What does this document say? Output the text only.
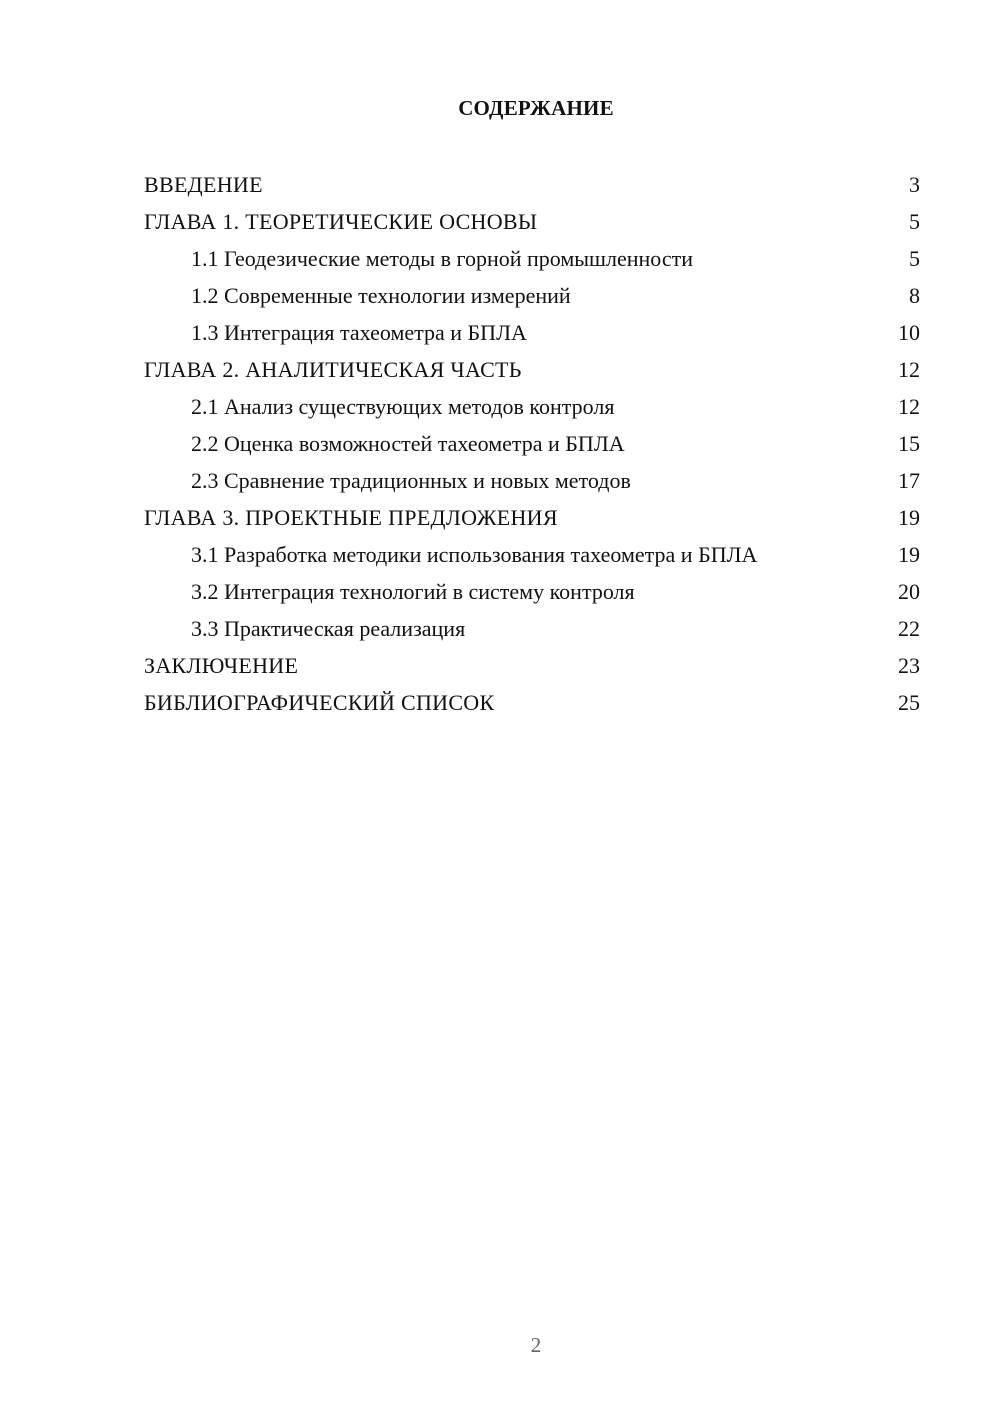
СОДЕРЖАНИЕ
ВВЕДЕНИЕ	3
ГЛАВА 1. ТЕОРЕТИЧЕСКИЕ ОСНОВЫ	5
1.1 Геодезические методы в горной промышленности	5
1.2 Современные технологии измерений	8
1.3 Интеграция тахеометра и БПЛА	10
ГЛАВА 2. АНАЛИТИЧЕСКАЯ ЧАСТЬ	12
2.1 Анализ существующих методов контроля	12
2.2 Оценка возможностей тахеометра и БПЛА	15
2.3 Сравнение традиционных и новых методов	17
ГЛАВА 3. ПРОЕКТНЫЕ ПРЕДЛОЖЕНИЯ	19
3.1 Разработка методики использования тахеометра и БПЛА	19
3.2 Интеграция технологий в систему контроля	20
3.3 Практическая реализация	22
ЗАКЛЮЧЕНИЕ	23
БИБЛИОГРАФИЧЕСКИЙ СПИСОК	25
2
